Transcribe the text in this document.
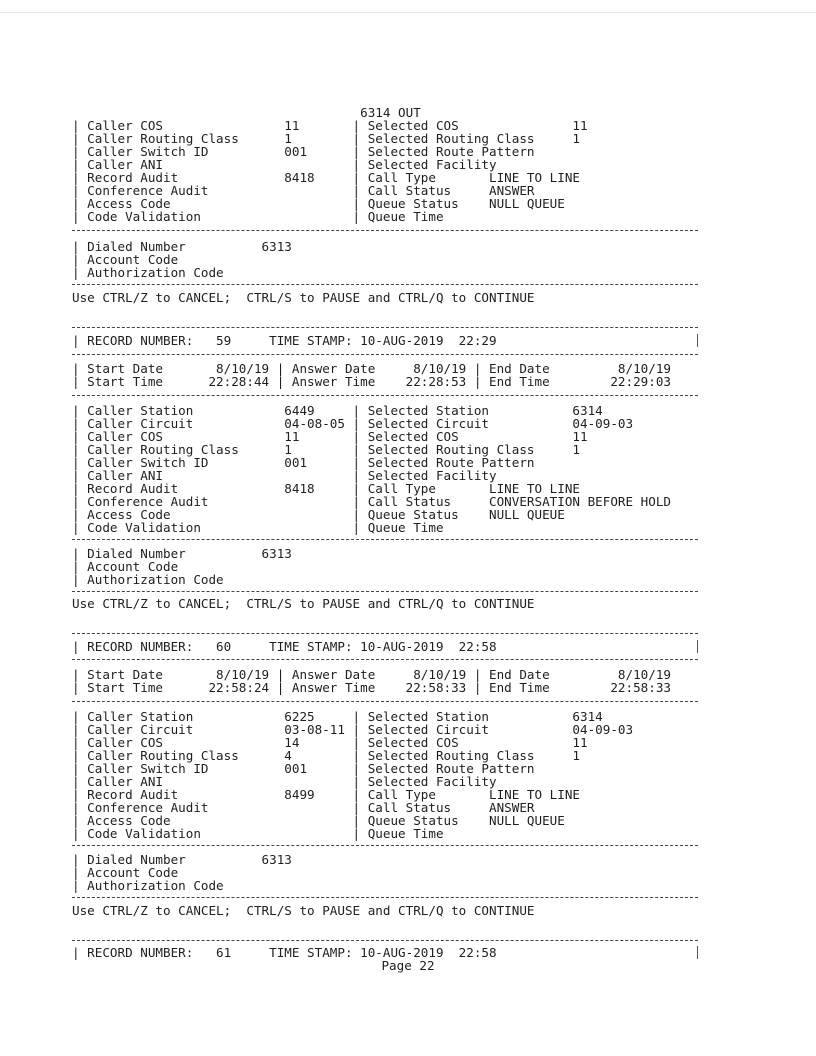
6314 OUT
| Caller COS                11       | Selected COS               11
| Caller Routing Class      1        | Selected Routing Class     1
| Caller Switch ID          001      | Selected Route Pattern
| Caller ANI                         | Selected Facility
| Record Audit              8418     | Call Type       LINE TO LINE
| Conference Audit                   | Call Status     ANSWER
| Access Code                        | Queue Status    NULL QUEUE
| Code Validation                    | Queue Time
| Dialed Number          6313
| Account Code
| Authorization Code
Use CTRL/Z to CANCEL;  CTRL/S to PAUSE and CTRL/Q to CONTINUE
| RECORD NUMBER:   59     TIME STAMP: 10-AUG-2019  22:29
| Start Date       8/10/19 | Answer Date     8/10/19 | End Date         8/10/19
| Start Time      22:28:44 | Answer Time    22:28:53 | End Time        22:29:03
| Caller Station            6449     | Selected Station           6314
| Caller Circuit            04-08-05 | Selected Circuit           04-09-03
| Caller COS                11       | Selected COS               11
| Caller Routing Class      1        | Selected Routing Class     1
| Caller Switch ID          001      | Selected Route Pattern
| Caller ANI                         | Selected Facility
| Record Audit              8418     | Call Type       LINE TO LINE
| Conference Audit                   | Call Status     CONVERSATION BEFORE HOLD
| Access Code                        | Queue Status    NULL QUEUE
| Code Validation                    | Queue Time
| Dialed Number          6313
| Account Code
| Authorization Code
Use CTRL/Z to CANCEL;  CTRL/S to PAUSE and CTRL/Q to CONTINUE
| RECORD NUMBER:   60     TIME STAMP: 10-AUG-2019  22:58
| Start Date       8/10/19 | Answer Date     8/10/19 | End Date         8/10/19
| Start Time      22:58:24 | Answer Time    22:58:33 | End Time        22:58:33
| Caller Station            6225     | Selected Station           6314
| Caller Circuit            03-08-11 | Selected Circuit           04-09-03
| Caller COS                14       | Selected COS               11
| Caller Routing Class      4        | Selected Routing Class     1
| Caller Switch ID          001      | Selected Route Pattern
| Caller ANI                         | Selected Facility
| Record Audit              8499     | Call Type       LINE TO LINE
| Conference Audit                   | Call Status     ANSWER
| Access Code                        | Queue Status    NULL QUEUE
| Code Validation                    | Queue Time
| Dialed Number          6313
| Account Code
| Authorization Code
Use CTRL/Z to CANCEL;  CTRL/S to PAUSE and CTRL/Q to CONTINUE
| RECORD NUMBER:   61     TIME STAMP: 10-AUG-2019  22:58
Page 22
